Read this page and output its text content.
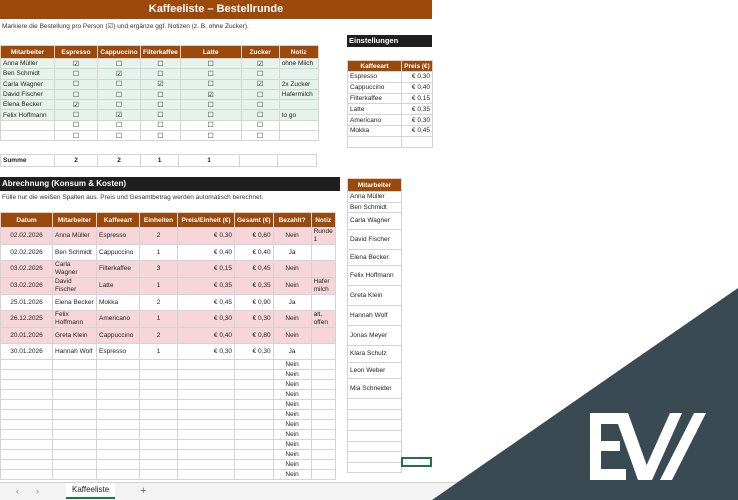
Kaffeeliste – Bestellrunde
Markiere die Bestellung pro Person (☑) und ergänze ggf. Notizen (z. B. ohne Zucker).
Mitarbeiter	Espresso	Cappuccino	Filterkaffee	Latte	Zucker	Notiz
Anna Müller	☑	☐	☐	☐	☑	ohne Milch
Ben Schmidt	☐	☑	☐	☐	☐	
Carla Wagner	☐	☐	☑	☐	☑	2x Zucker
David Fischer	☐	☐	☐	☑	☐	Hafermilch
Elena Becker	☑	☐	☐	☐	☐	
Felix Hoffmann	☐	☑	☐	☐	☐	to go
	☐	☐	☐	☐	☐	
	☐	☐	☐	☐	☐	
Summe	2	2	1	1		
Einstellungen
Kaffeeart	Preis (€)
Espresso	€ 0,30
Cappuccino	€ 0,40
Filterkaffee	€ 0,15
Latte	€ 0,35
Americano	€ 0,30
Mokka	€ 0,45

Abrechnung (Konsum & Kosten)
Fülle nur die weißen Spalten aus. Preis und Gesamtbetrag werden automatisch berechnet.
Datum	Mitarbeiter	Kaffeeart	Einheiten	Preis/Einheit (€)	Gesamt (€)	Bezahlt?	Notiz
02.02.2026	Anna Müller	Espresso	2	€ 0,30	€ 0,60	Nein	Runde 1
02.02.2026	Ben Schmidt	Cappuccino	1	€ 0,40	€ 0,40	Ja	
03.02.2026	Carla Wagner	Filterkaffee	3	€ 0,15	€ 0,45	Nein	
03.02.2026	David Fischer	Latte	1	€ 0,35	€ 0,35	Nein	Hafer milch
25.01.2026	Elena Becker	Mokka	2	€ 0,45	€ 0,90	Ja	
26.12.2025	Felix Hoffmann	Americano	1	€ 0,30	€ 0,30	Nein	alt, offen
20.01.2026	Greta Klein	Cappuccino	2	€ 0,40	€ 0,80	Nein	
30.01.2026	Hannah Wolf	Espresso	1	€ 0,30	€ 0,30	Ja	
						Nein	
						Nein	
						Nein	
						Nein	
						Nein	
						Nein	
						Nein	
						Nein	
						Nein	
						Nein	
						Nein	
						Nein	
Mitarbeiter
Anna Müller
Ben Schmidt
Carla Wagner
David Fischer
Elena Becker
Felix Hoffmann
Greta Klein
Hannah Wolf
Jonas Meyer
Klara Schulz
Leon Weber
Mia Schneider

‹ ›	Kaffeeliste	+
